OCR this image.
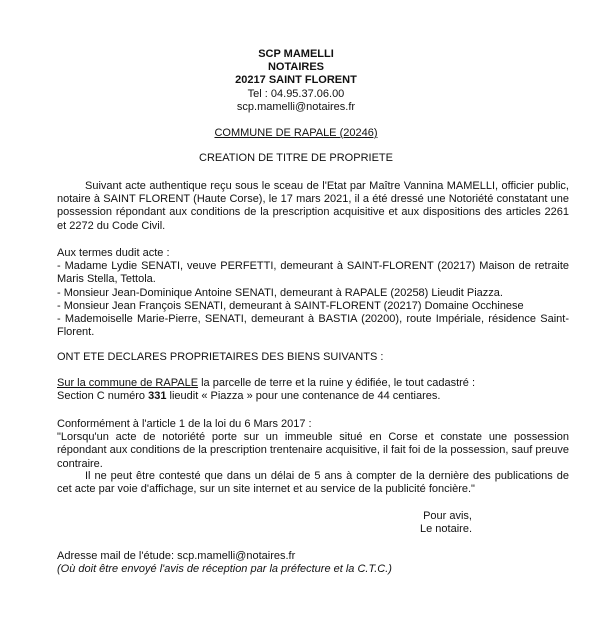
SCP MAMELLI
NOTAIRES
20217 SAINT FLORENT
Tel : 04.95.37.06.00
scp.mamelli@notaires.fr
COMMUNE DE RAPALE (20246)
CREATION DE TITRE DE PROPRIETE
Suivant acte authentique reçu sous le sceau de l'Etat par Maître Vannina MAMELLI, officier public, notaire à SAINT FLORENT (Haute Corse), le 17 mars 2021, il a été dressé une Notoriété constatant une possession répondant aux conditions de la prescription acquisitive et aux dispositions des articles 2261 et 2272 du Code Civil.
Aux termes dudit acte :
- Madame Lydie SENATI, veuve PERFETTI, demeurant à SAINT-FLORENT (20217) Maison de retraite Maris Stella, Tettola.
- Monsieur Jean-Dominique Antoine SENATI, demeurant à RAPALE (20258) Lieudit Piazza.
- Monsieur Jean François SENATI, demeurant à SAINT-FLORENT (20217) Domaine Occhinese
- Mademoiselle Marie-Pierre, SENATI, demeurant à BASTIA (20200), route Impériale, résidence Saint-Florent.
ONT ETE DECLARES PROPRIETAIRES DES BIENS SUIVANTS :
Sur la commune de RAPALE la parcelle de terre et la ruine y édifiée, le tout cadastré :
Section C numéro 331 lieudit « Piazza » pour une contenance de 44 centiares.
Conformément à l'article 1 de la loi du 6 Mars 2017 :
"Lorsqu'un acte de notoriété porte sur un immeuble situé en Corse et constate une possession répondant aux conditions de la prescription trentenaire acquisitive, il fait foi de la possession, sauf preuve contraire.
Il ne peut être contesté que dans un délai de 5 ans à compter de la dernière des publications de cet acte par voie d'affichage, sur un site internet et au service de la publicité foncière."
Pour avis,
Le notaire.
Adresse mail de l'étude: scp.mamelli@notaires.fr
(Où doit être envoyé l'avis de réception par la préfecture et la C.T.C.)
